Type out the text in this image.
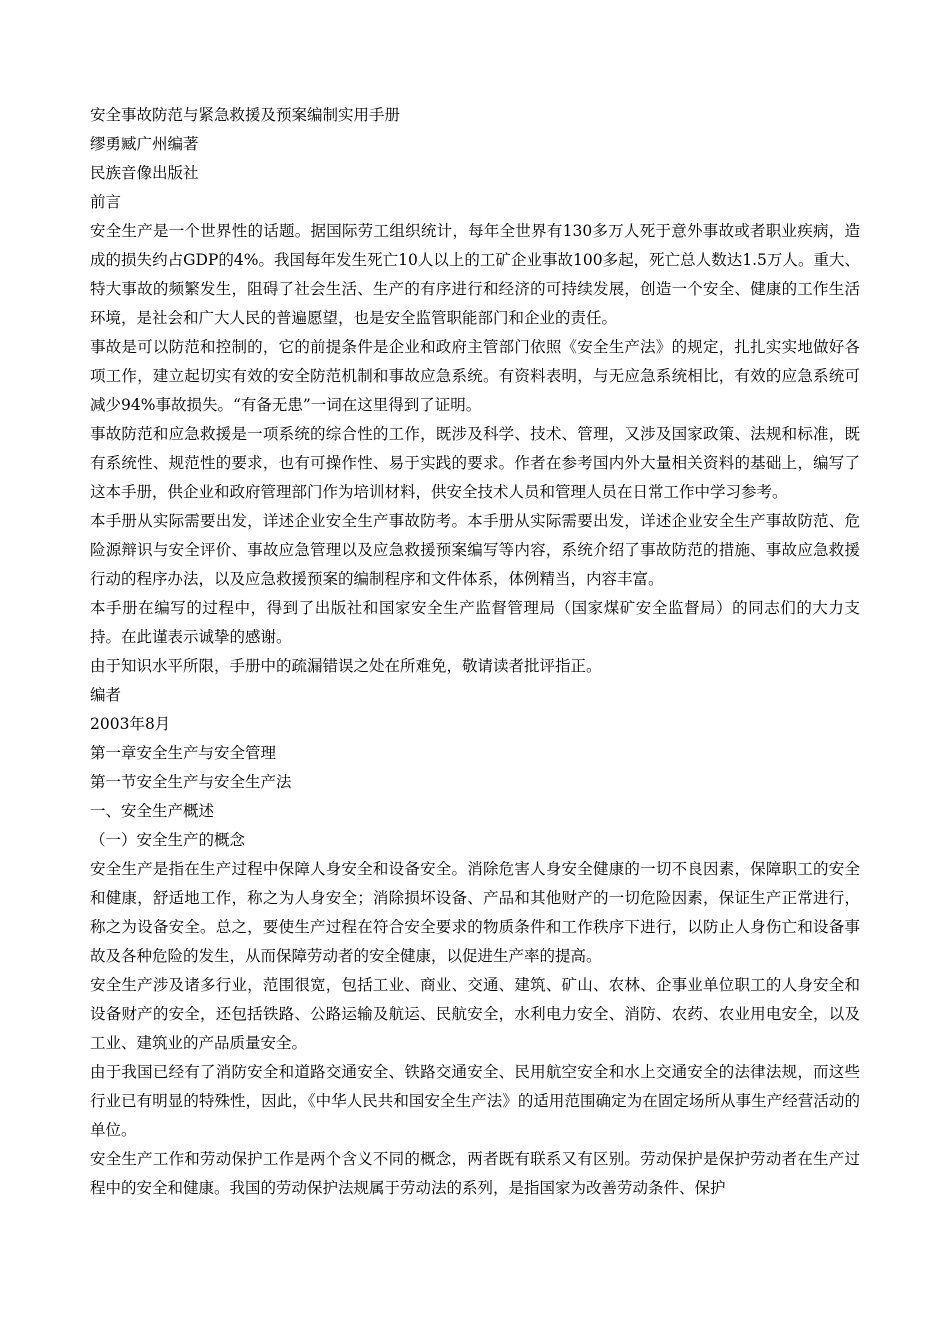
安全事故防范与紧急救援及预案编制实用手册

缪勇臧广州编著

民族音像出版社

前言

安全生产是一个世界性的话题。据国际劳工组织统计，每年全世界有130多万人死于意外事故或者职业疾病，造成的损失约占GDP的4%。我国每年发生死亡10人以上的工矿企业事故100多起，死亡总人数达1.5万人。重大、特大事故的频繁发生，阻碍了社会生活、生产的有序进行和经济的可持续发展，创造一个安全、健康的工作生活环境，是社会和广大人民的普遍愿望，也是安全监管职能部门和企业的责任。

事故是可以防范和控制的，它的前提条件是企业和政府主管部门依照《安全生产法》的规定，扎扎实实地做好各项工作，建立起切实有效的安全防范机制和事故应急系统。有资料表明，与无应急系统相比，有效的应急系统可减少94%事故损失。“有备无患”一词在这里得到了证明。

事故防范和应急救援是一项系统的综合性的工作，既涉及科学、技术、管理，又涉及国家政策、法规和标准，既有系统性、规范性的要求，也有可操作性、易于实践的要求。作者在参考国内外大量相关资料的基础上，编写了这本手册，供企业和政府管理部门作为培训材料，供安全技术人员和管理人员在日常工作中学习参考。

本手册从实际需要出发，详述企业安全生产事故防考。本手册从实际需要出发，详述企业安全生产事故防范、危险源辩识与安全评价、事故应急管理以及应急救援预案编写等内容，系统介绍了事故防范的措施、事故应急救援行动的程序办法，以及应急救援预案的编制程序和文件体系，体例精当，内容丰富。

本手册在编写的过程中，得到了出版社和国家安全生产监督管理局（国家煤矿安全监督局）的同志们的大力支持。在此谨表示诚挚的感谢。

由于知识水平所限，手册中的疏漏错误之处在所难免，敬请读者批评指正。

编者

2003年8月

第一章安全生产与安全管理

第一节安全生产与安全生产法

一、安全生产概述

（一）安全生产的概念

安全生产是指在生产过程中保障人身安全和设备安全。消除危害人身安全健康的一切不良因素，保障职工的安全和健康，舒适地工作，称之为人身安全；消除损坏设备、产品和其他财产的一切危险因素，保证生产正常进行，称之为设备安全。总之，要使生产过程在符合安全要求的物质条件和工作秩序下进行，以防止人身伤亡和设备事故及各种危险的发生，从而保障劳动者的安全健康，以促进生产率的提高。

安全生产涉及诸多行业，范围很宽，包括工业、商业、交通、建筑、矿山、农林、企事业单位职工的人身安全和设备财产的安全，还包括铁路、公路运输及航运、民航安全，水利电力安全、消防、农药、农业用电安全，以及工业、建筑业的产品质量安全。

由于我国已经有了消防安全和道路交通安全、铁路交通安全、民用航空安全和水上交通安全的法律法规，而这些行业已有明显的特殊性，因此，《中华人民共和国安全生产法》的适用范围确定为在固定场所从事生产经营活动的单位。

安全生产工作和劳动保护工作是两个含义不同的概念，两者既有联系又有区别。劳动保护是保护劳动者在生产过程中的安全和健康。我国的劳动保护法规属于劳动法的系列，是指国家为改善劳动条件、保护
